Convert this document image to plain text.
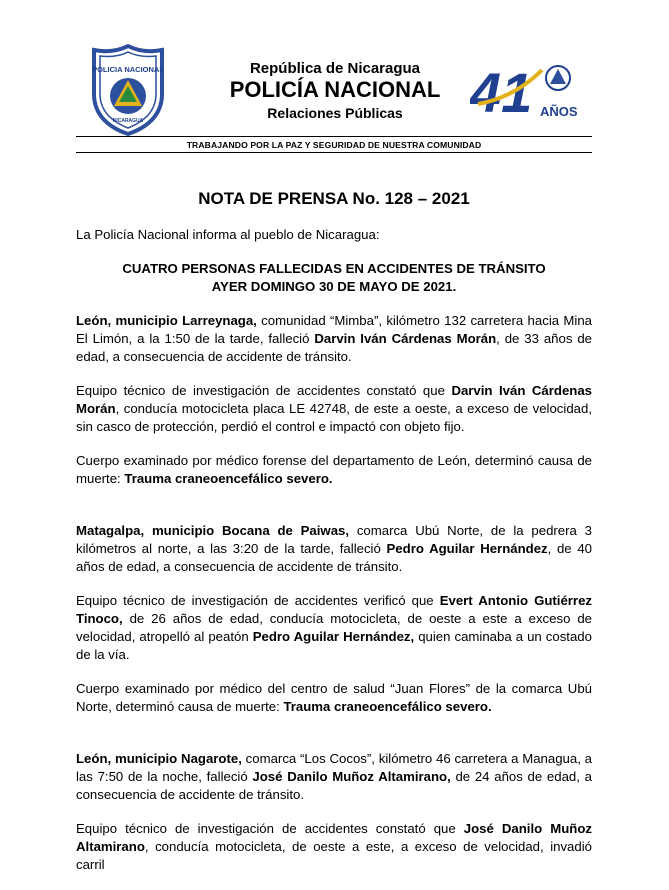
POLICIA NACIONAL
NICARAGUA
República de Nicaragua
POLICÍA NACIONAL
Relaciones Públicas	41 AÑOS
TRABAJANDO POR LA PAZ Y SEGURIDAD DE NUESTRA COMUNIDAD
NOTA DE PRENSA No. 128 – 2021
La Policía Nacional informa al pueblo de Nicaragua:
CUATRO PERSONAS FALLECIDAS EN ACCIDENTES DE TRÁNSITO
AYER DOMINGO 30 DE MAYO DE 2021.

León, municipio Larreynaga, comunidad “Mimba”, kilómetro 132 carretera hacia Mina El Limón, a la 1:50 de la tarde, falleció Darvin Iván Cárdenas Morán, de 33 años de edad, a consecuencia de accidente de tránsito.

Equipo técnico de investigación de accidentes constató que Darvin Iván Cárdenas Morán, conducía motocicleta placa LE 42748, de este a oeste, a exceso de velocidad, sin casco de protección, perdió el control e impactó con objeto fijo.

Cuerpo examinado por médico forense del departamento de León, determinó causa de muerte: Trauma craneoencefálico severo.

Matagalpa, municipio Bocana de Paiwas, comarca Ubú Norte, de la pedrera 3 kilómetros al norte, a las 3:20 de la tarde, falleció Pedro Aguilar Hernández, de 40 años de edad, a consecuencia de accidente de tránsito.

Equipo técnico de investigación de accidentes verificó que Evert Antonio Gutiérrez Tinoco, de 26 años de edad, conducía motocicleta, de oeste a este a exceso de velocidad, atropelló al peatón Pedro Aguilar Hernández, quien caminaba a un costado de la vía.

Cuerpo examinado por médico del centro de salud “Juan Flores” de la comarca Ubú Norte, determinó causa de muerte: Trauma craneoencefálico severo.

León, municipio Nagarote, comarca “Los Cocos”, kilómetro 46 carretera a Managua, a las 7:50 de la noche, falleció José Danilo Muñoz Altamirano, de 24 años de edad, a consecuencia de accidente de tránsito.

Equipo técnico de investigación de accidentes constató que José Danilo Muñoz Altamirano, conducía motocicleta, de oeste a este, a exceso de velocidad, invadió carril
